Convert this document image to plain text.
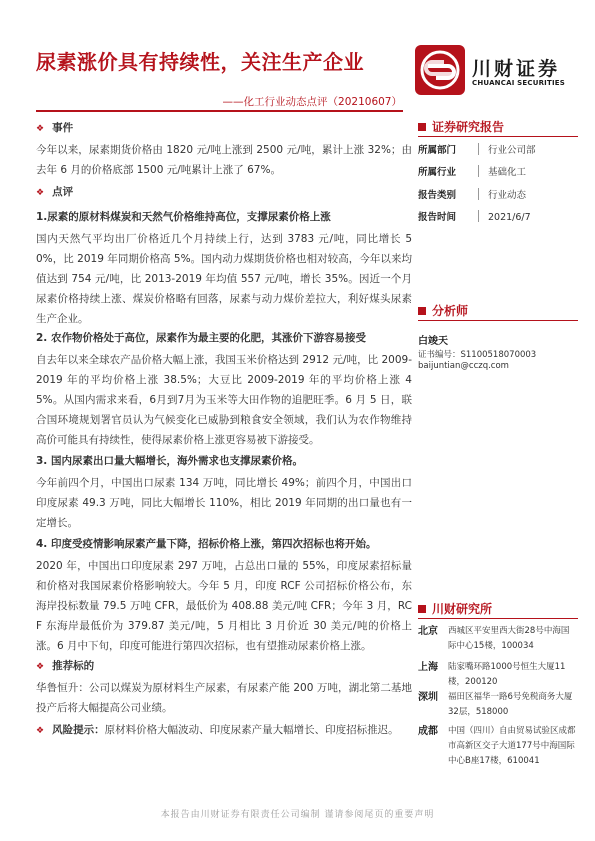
尿素涨价具有持续性，关注生产企业
——化工行业动态点评（20210607）
川财证券
CHUANCAI SECURITIES
❖ 事件
今年以来，尿素期货价格由 1820 元/吨上涨到 2500 元/吨，累计上涨 32%；由去年 6 月的价格底部 1500 元/吨累计上涨了 67%。
❖ 点评
1.尿素的原材料煤炭和天然气价格维持高位，支撑尿素价格上涨
国内天然气平均出厂价格近几个月持续上行，达到 3783 元/吨，同比增长 50%，比 2019 年同期价格高 5%。国内动力煤期货价格也相对较高，今年以来均值达到 754 元/吨，比 2013-2019 年均值 557 元/吨，增长 35%。因近一个月尿素价格持续上涨、煤炭价格略有回落，尿素与动力煤价差拉大，利好煤头尿素生产企业。
2. 农作物价格处于高位，尿素作为最主要的化肥，其涨价下游容易接受
自去年以来全球农产品价格大幅上涨，我国玉米价格达到 2912 元/吨，比 2009-2019 年的平均价格上涨 38.5%；大豆比 2009-2019 年的平均价格上涨 45%。从国内需求来看，6月到7月为玉米等大田作物的追肥旺季。6 月 5 日，联合国环境规划署官员认为气候变化已威胁到粮食安全领域，我们认为农作物维持高价可能具有持续性，使得尿素价格上涨更容易被下游接受。
3. 国内尿素出口量大幅增长，海外需求也支撑尿素价格。
今年前四个月，中国出口尿素 134 万吨，同比增长 49%；前四个月，中国出口印度尿素 49.3 万吨，同比大幅增长 110%，相比 2019 年同期的出口量也有一定增长。
4. 印度受疫情影响尿素产量下降，招标价格上涨，第四次招标也将开始。
2020 年，中国出口印度尿素 297 万吨，占总出口量的 55%，印度尿素招标量和价格对我国尿素价格影响较大。今年 5 月，印度 RCF 公司招标价格公布，东海岸投标数量 79.5 万吨 CFR，最低价为 408.88 美元/吨 CFR；今年 3 月，RCF 东海岸最低价为 379.87 美元/吨，5 月相比 3 月价近 30 美元/吨的价格上涨。6 月中下旬，印度可能进行第四次招标，也有望推动尿素价格上涨。
❖ 推荐标的
华鲁恒升：公司以煤炭为原材料生产尿素，有尿素产能 200 万吨，湖北第二基地投产后将大幅提高公司业绩。
❖ 风险提示：原材料价格大幅波动、印度尿素产量大幅增长、印度招标推迟。
证券研究报告
所属部门	行业公司部
所属行业	基础化工
报告类别	行业动态
报告时间	2021/6/7
分析师
白竣天
证书编号：S1100518070003
baijuntian@cczq.com
川财研究所
北京 西城区平安里西大街28号中海国际中心15楼，100034
上海 陆家嘴环路1000号恒生大厦11楼，200120
深圳 福田区福华一路6号免税商务大厦32层，518000
成都 中国（四川）自由贸易试验区成都市高新区交子大道177号中海国际中心B座17楼，610041
本报告由川财证券有限责任公司编制 谨请参阅尾页的重要声明
